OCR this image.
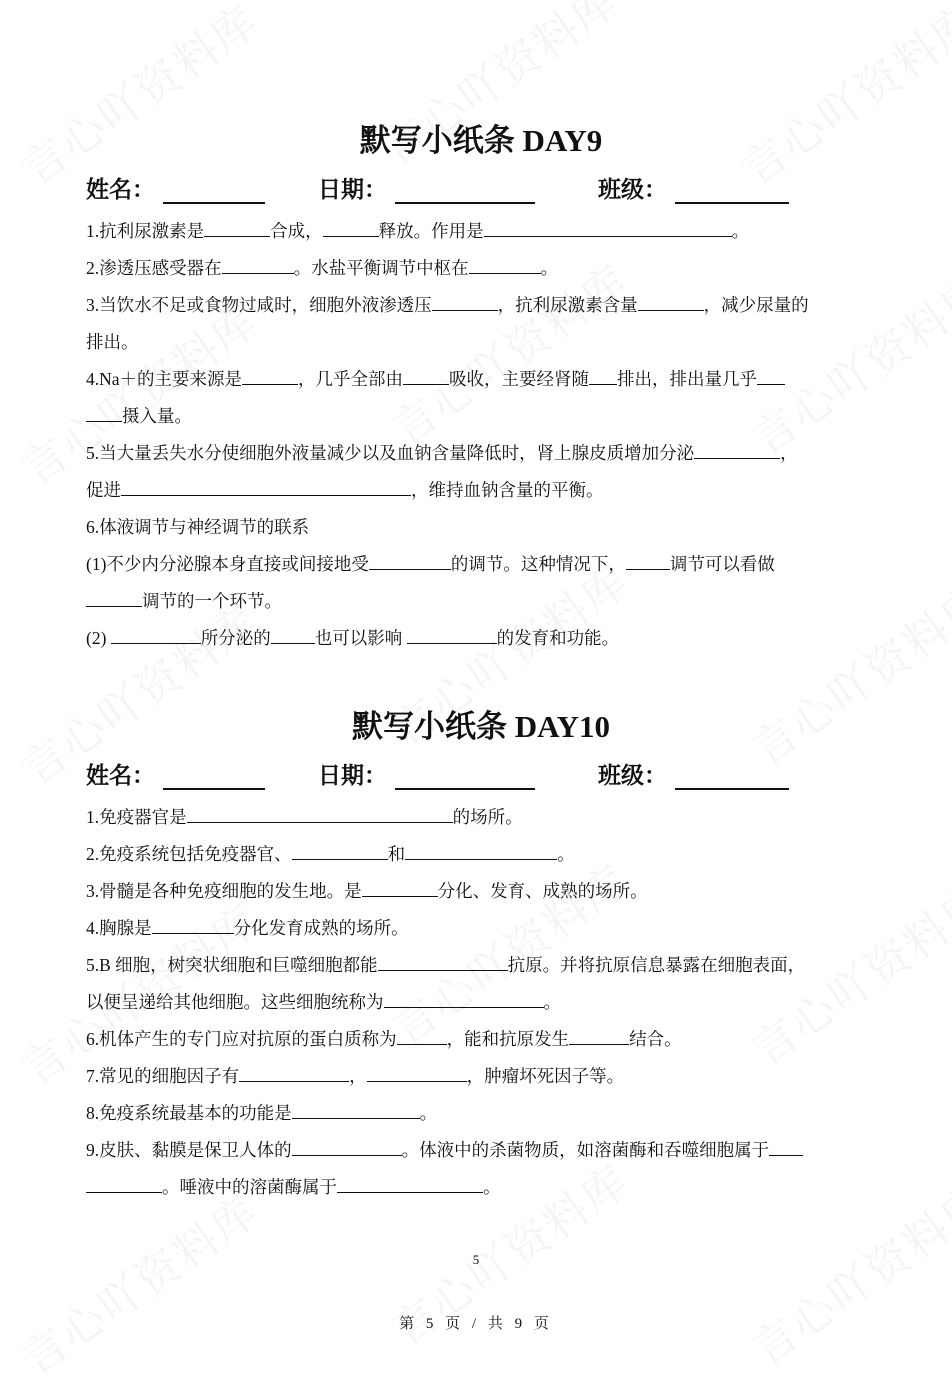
默写小纸条 DAY9
姓名：	日期：	班级：
1.抗利尿激素是	合成，	释放。作用是	。
2.渗透压感受器在	。水盐平衡调节中枢在	。
3.当饮水不足或食物过咸时，细胞外液渗透压	，抗利尿激素含量	，减少尿量的
排出。
4.Na＋的主要来源是	，几乎全部由	吸收，主要经肾随 排出，排出量几乎
摄入量。
5.当大量丢失水分使细胞外液量减少以及血钠含量降低时，肾上腺皮质增加分泌	，
促进	，维持血钠含量的平衡。
6.体液调节与神经调节的联系
(1)不少内分泌腺本身直接或间接地受	的调节。这种情况下，	调节可以看做
调节的一个环节。
(2)	所分泌的	也可以影响	的发育和功能。
默写小纸条 DAY10
姓名：	日期：	班级：
1.免疫器官是	的场所。
2.免疫系统包括免疫器官、	和	。
3.骨髓是各种免疫细胞的发生地。是	分化、发育、成熟的场所。
4.胸腺是	分化发育成熟的场所。
5.B 细胞，树突状细胞和巨噬细胞都能	抗原。并将抗原信息暴露在细胞表面，
以便呈递给其他细胞。这些细胞统称为	。
6.机体产生的专门应对抗原的蛋白质称为	，能和抗原发生	结合。
7.常见的细胞因子有	，	，肿瘤坏死因子等。
8.免疫系统最基本的功能是	。
9.皮肤、黏膜是保卫人体的	。体液中的杀菌物质，如溶菌酶和吞噬细胞属于
。唾液中的溶菌酶属于	。
5
第 5 页 / 共 9 页
